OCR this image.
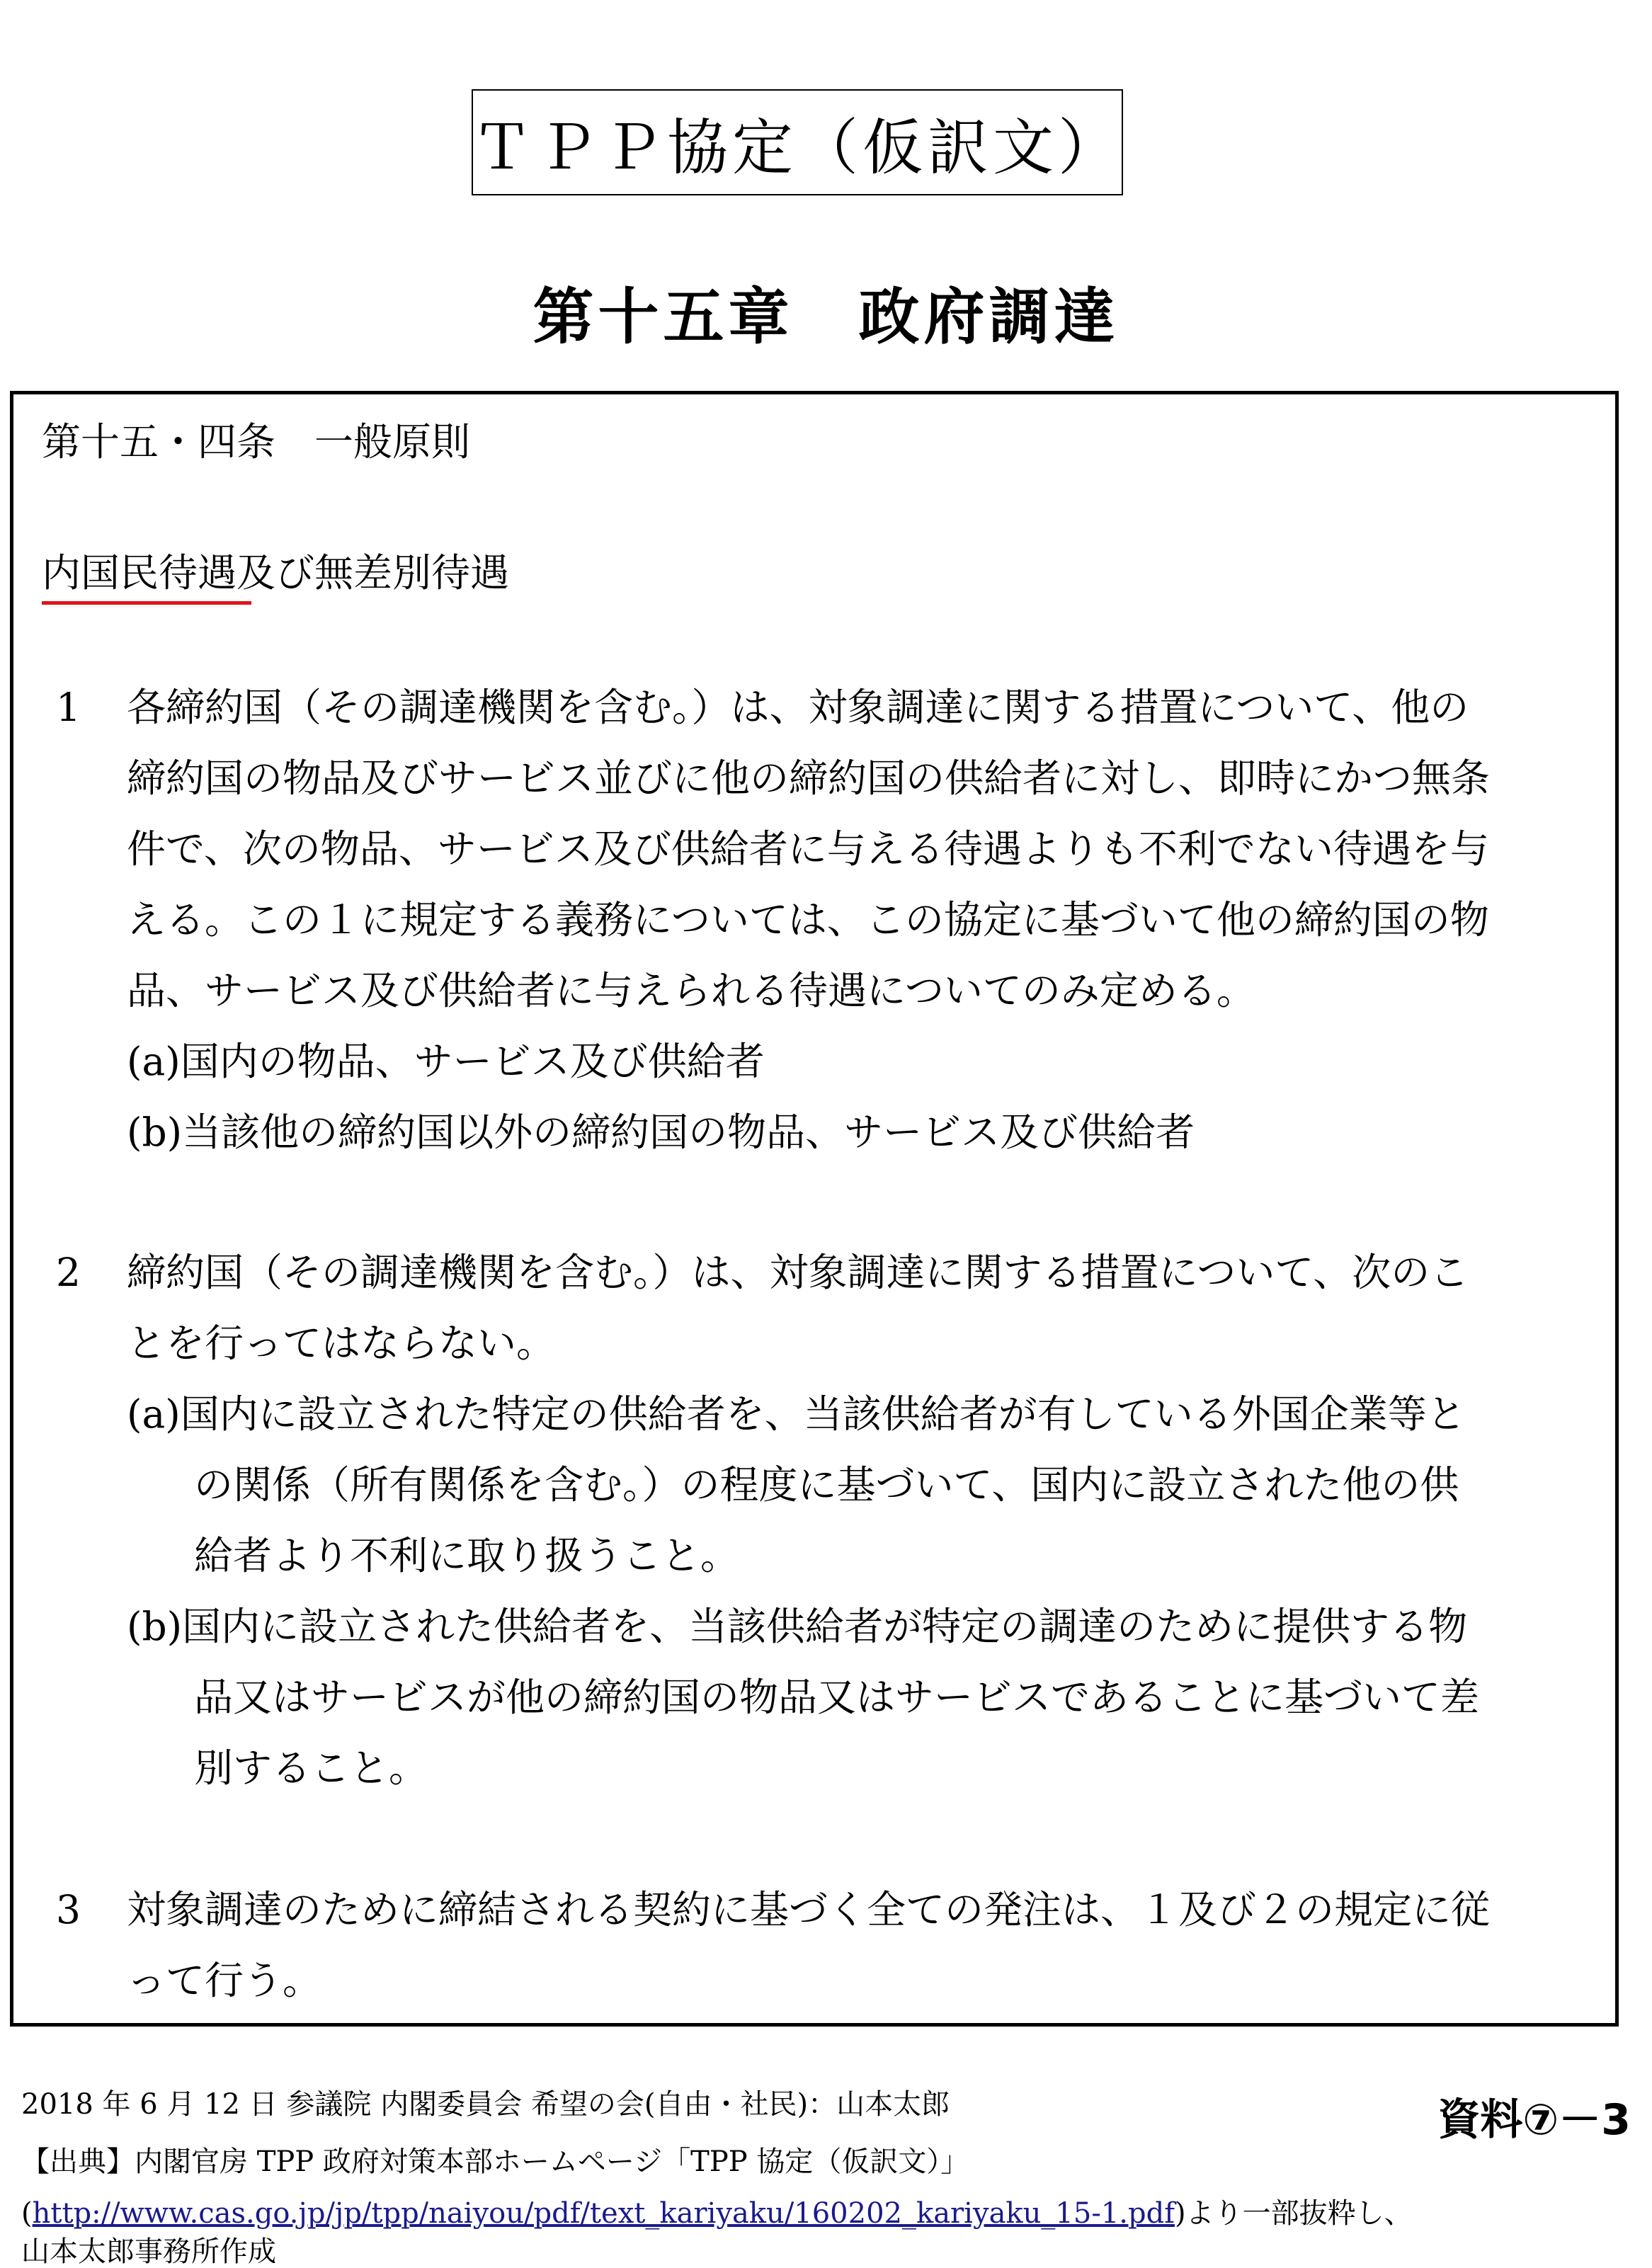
ＴＰＰ協定（仮訳文）
第十五章　政府調達
第十五・四条　一般原則
内国民待遇及び無差別待遇
1 各締約国（その調達機関を含む。）は、対象調達に関する措置について、他の
締約国の物品及びサービス並びに他の締約国の供給者に対し、即時にかつ無条
件で、次の物品、サービス及び供給者に与える待遇よりも不利でない待遇を与
える。この１に規定する義務については、この協定に基づいて他の締約国の物
品、サービス及び供給者に与えられる待遇についてのみ定める。
(a)国内の物品、サービス及び供給者
(b)当該他の締約国以外の締約国の物品、サービス及び供給者
2 締約国（その調達機関を含む。）は、対象調達に関する措置について、次のこ
とを行ってはならない。
(a)国内に設立された特定の供給者を、当該供給者が有している外国企業等と
の関係（所有関係を含む。）の程度に基づいて、国内に設立された他の供
給者より不利に取り扱うこと。
(b)国内に設立された供給者を、当該供給者が特定の調達のために提供する物
品又はサービスが他の締約国の物品又はサービスであることに基づいて差
別すること。
3 対象調達のために締結される契約に基づく全ての発注は、１及び２の規定に従
って行う。
2018 年 6 月 12 日 参議院 内閣委員会 希望の会(自由・社民)：山本太郎	資料⑦－3
【出典】内閣官房 TPP 政府対策本部ホームページ「TPP 協定（仮訳文）」
(http://www.cas.go.jp/jp/tpp/naiyou/pdf/text_kariyaku/160202_kariyaku_15-1.pdf)より一部抜粋し、
山本太郎事務所作成
